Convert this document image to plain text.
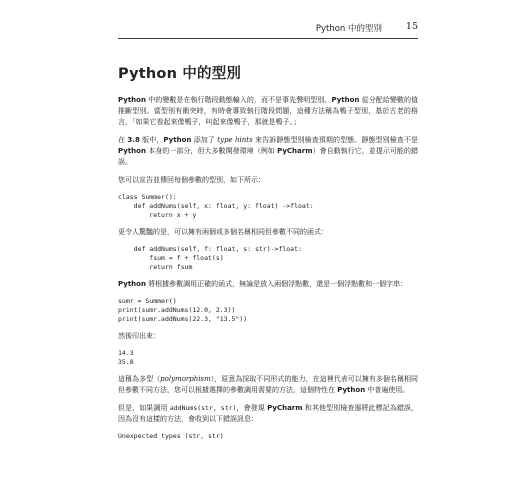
Python 中的型別	15
Python 中的型別

Python 中的變數是在執行階段動態輸入的，而不是事先聲明型別。Python 從分配給變數的值推斷型別。當型別有衝突時，有時會導致執行階段問題，這種方法稱為鴨子型別，基於古老的格言，「如果它看起來像鴨子，叫起來像鴨子，那就是鴨子。」

在 3.8 版中，Python 添加了 type hints 來告訴靜態型別檢查預期的型態。靜態型別檢查不是 Python 本身的一部分，但大多數開發環境（例如 PyCharm）會自動執行它，並提示可能的錯誤。

您可以宣告並傳回每個參數的型別，如下所示：

class Summer():
def addNums(self, x: float, y: float) ->float:
return x + y

更令人驚豔的是，可以擁有兩個或多個名稱相同但參數不同的函式：

def addNums(self, f: float, s: str)->float:
fsum = f + float(s)
return fsum

Python 將根據參數調用正確的函式，無論是放入兩個浮點數，還是一個浮點數和一個字串：

sumr = Summer()
print(sumr.addNums(12.0, 2.3))
print(sumr.addNums(22.3, "13.5"))

然後印出來：

14.3
35.8

這稱為多型（polymorphism），原意為採取不同形式的能力，在這裡代表可以擁有多個名稱相同但參數不同方法，您可以根據選擇的參數調用需要的方法，這個特性在 Python 中普遍使用。

但是，如果調用 addNums(str, str)，會發現 PyCharm 和其他型別檢查器將此標記為錯誤，因為沒有這樣的方法，會收到以下錯誤訊息：

Unexpected types (str, str)
